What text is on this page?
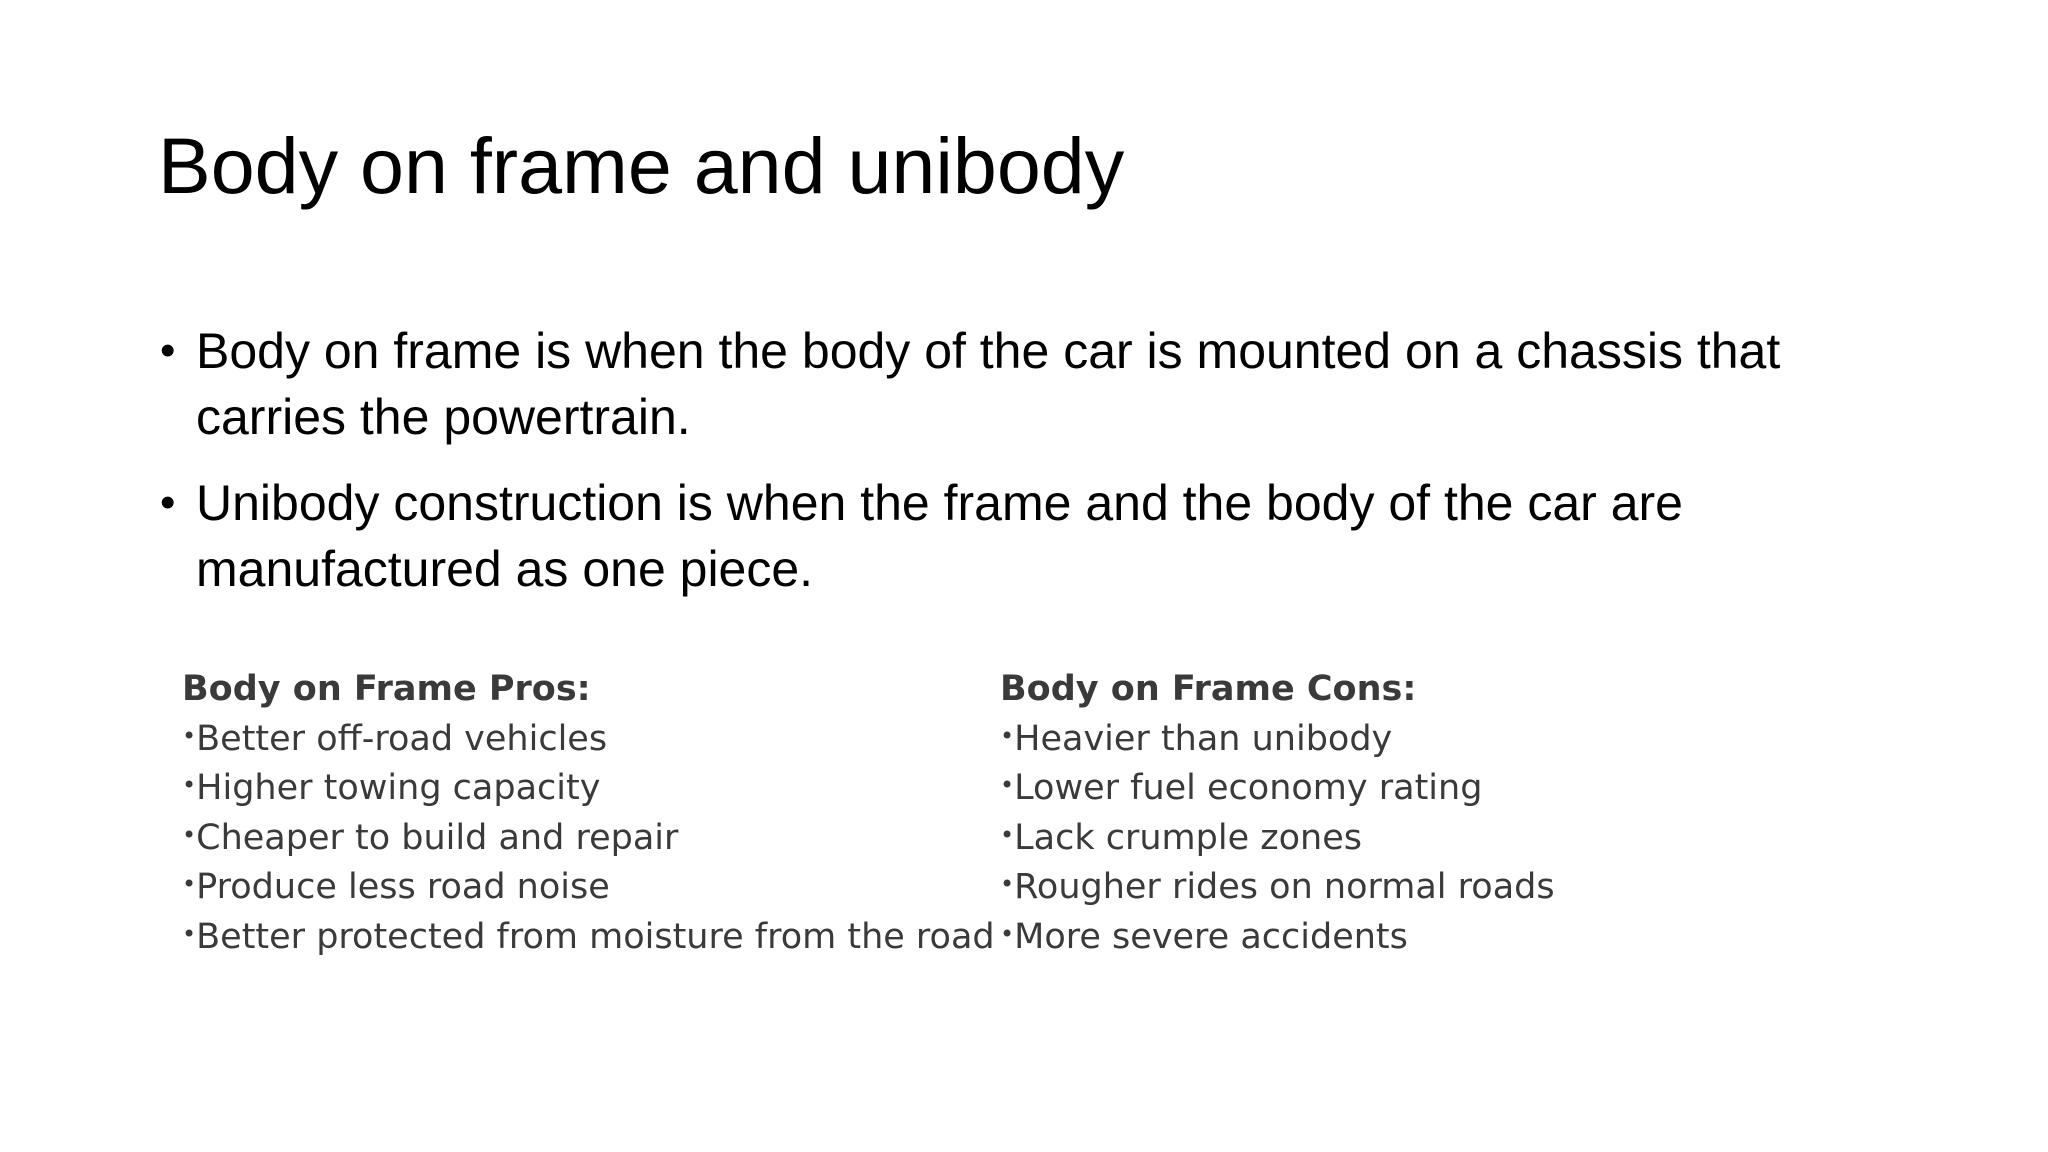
Body on frame and unibody
• Body on frame is when the body of the car is mounted on a chassis that carries the powertrain.
• Unibody construction is when the frame and the body of the car are manufactured as one piece.
Body on Frame Pros:
•Better off-road vehicles
•Higher towing capacity
•Cheaper to build and repair
•Produce less road noise
•Better protected from moisture from the road
Body on Frame Cons:
•Heavier than unibody
•Lower fuel economy rating
•Lack crumple zones
•Rougher rides on normal roads
•More severe accidents
